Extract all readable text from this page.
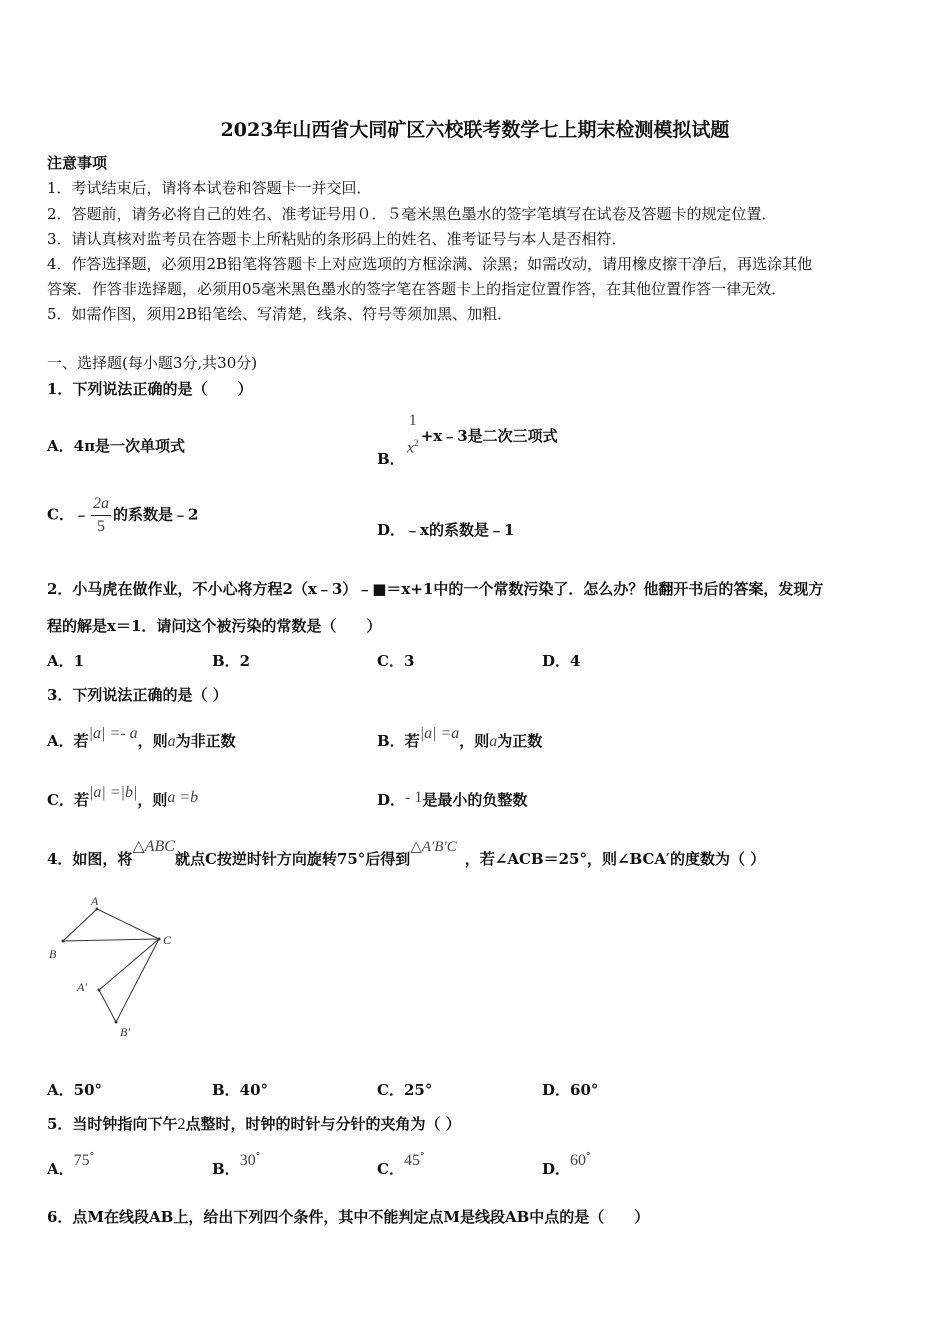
2023年山西省大同矿区六校联考数学七上期末检测模拟试题
注意事项
1．考试结束后，请将本试卷和答题卡一并交回．
2．答题前，请务必将自己的姓名、准考证号用０．５毫米黑色墨水的签字笔填写在试卷及答题卡的规定位置．
3．请认真核对监考员在答题卡上所粘贴的条形码上的姓名、准考证号与本人是否相符．
4．作答选择题，必须用2B铅笔将答题卡上对应选项的方框涂满、涂黑；如需改动，请用橡皮擦干净后，再选涂其他
答案．作答非选择题，必须用05毫米黑色墨水的签字笔在答题卡上的指定位置作答，在其他位置作答一律无效．
5．如需作图，须用2B铅笔绘、写清楚，线条、符号等须加黑、加粗．
一、选择题(每小题3分,共30分)
1．下列说法正确的是（　　）
A．4π是一次单项式
B．
1
$x^2$ +x﹣3是二次三项式
C．﹣ $\frac{2a}{5}$ 的系数是﹣2
D．﹣x的系数是﹣1
2．小马虎在做作业，不小心将方程2（x﹣3）﹣■＝x+1中的一个常数污染了．怎么办？他翻开书后的答案，发现方
程的解是x＝1．请问这个被污染的常数是（　　）
A．1	B．2	C．3	D．4
3．下列说法正确的是（ ）
A．若|a| =- a，则a为非正数	B．若|a| =a，则a为正数
C．若|a| =|b|，则a =b	D．- 1是最小的负整数
4．如图，将△ABC就点C按逆时针方向旋转75°后得到△A′B′C，若∠ACB＝25°，则∠BCA′的度数为（ ）
A
B
C
A′
B′
A．50°	B．40°	C．25°	D．60°
5．当时钟指向下午2点整时，时钟的时针与分针的夹角为（ ）
A．75°
B．30°
C．45°
D．60°
6．点M在线段AB上，给出下列四个条件，其中不能判定点M是线段AB中点的是（　　）
